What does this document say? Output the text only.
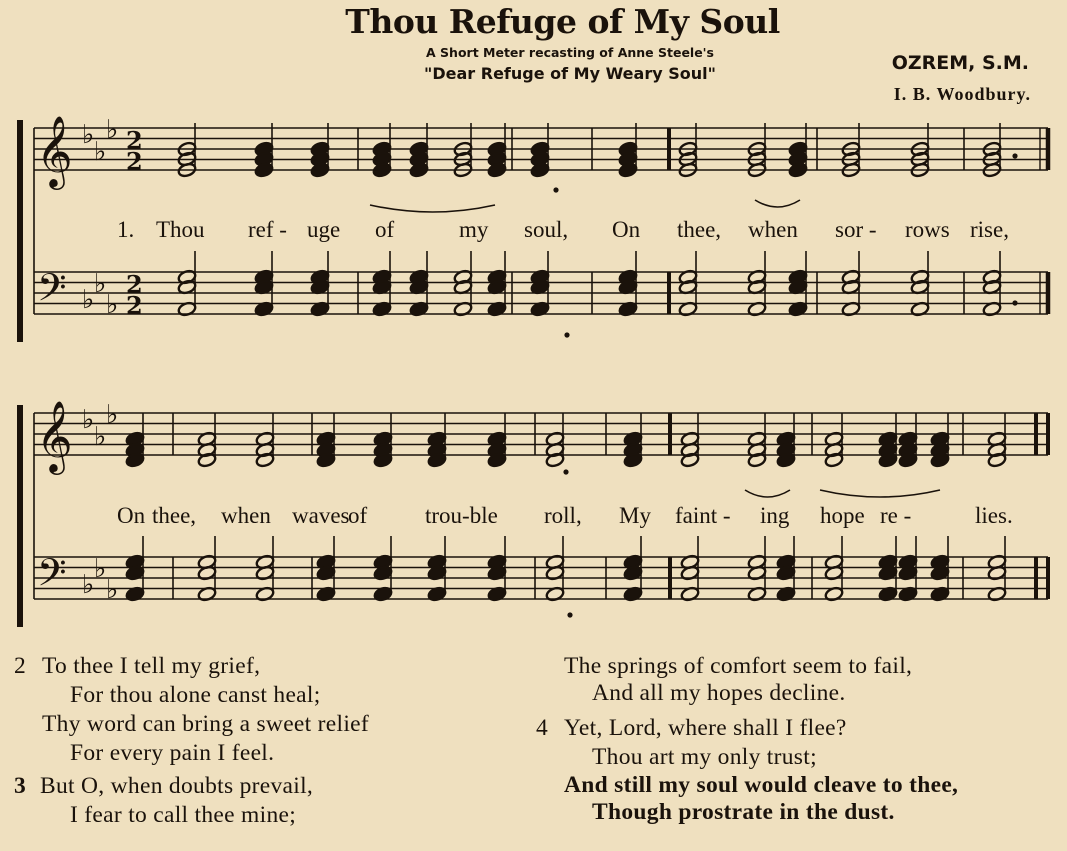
Thou Refuge of My Soul
A Short Meter recasting of Anne Steele's
"Dear Refuge of My Weary Soul"	OZREM, S.M.
I. B. Woodbury.
𝄞 ♭
♭
♭ 2
2
𝄢 ♭
♭
♭
2
2
𝄞 ♭
♭
♭
𝄢 ♭
♭
♭
1. Thou ref - uge of	my soul, On thee, when sor - rows rise,
On thee, when waves
of	trou-ble roll, My faint - ing hope re -	lies.
2 To thee I tell my grief,
For thou alone canst heal;
Thy word can bring a sweet relief
For every pain I feel.
3 But O, when doubts prevail,
I fear to call thee mine;
The springs of comfort seem to fail,
And all my hopes decline.
4 Yet, Lord, where shall I flee?
Thou art my only trust;
And still my soul would cleave to thee,
Though prostrate in the dust.
